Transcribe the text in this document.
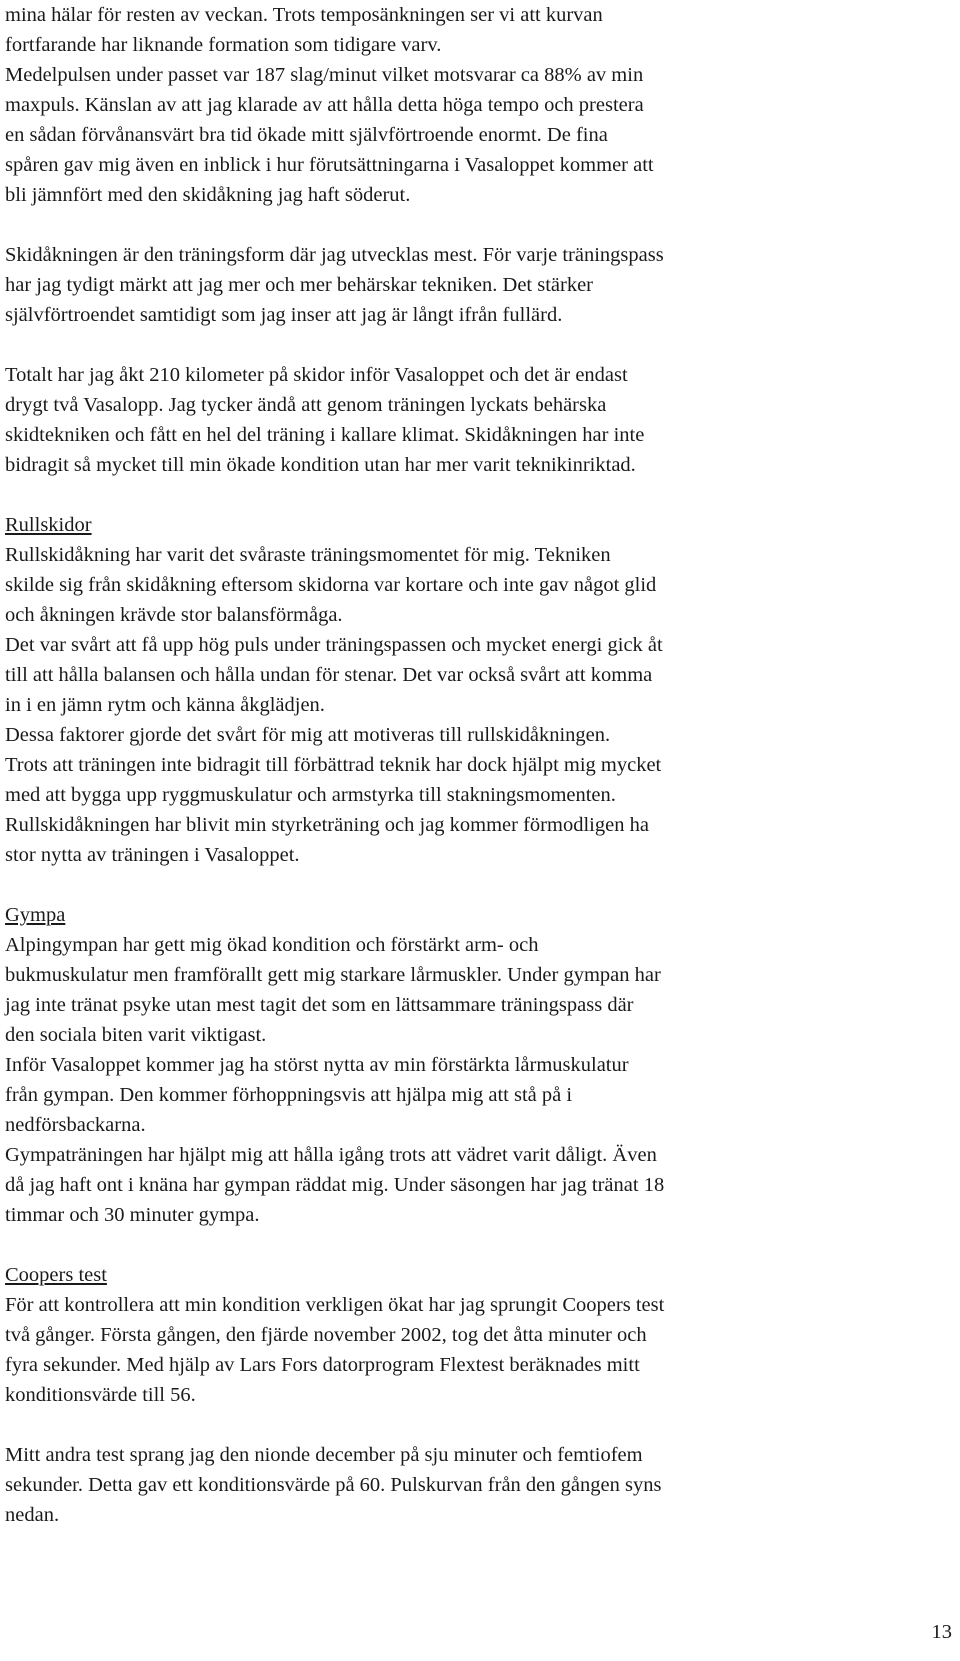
mina hälar för resten av veckan. Trots temposänkningen ser vi att kurvan
fortfarande har liknande formation som tidigare varv.
Medelpulsen under passet var 187 slag/minut vilket motsvarar ca 88% av min
maxpuls. Känslan av att jag klarade av att hålla detta höga tempo och prestera
en sådan förvånansvärt bra tid ökade mitt självförtroende enormt. De fina
spåren gav mig även en inblick i hur förutsättningarna i Vasaloppet kommer att
bli jämnfört med den skidåkning jag haft söderut.
Skidåkningen är den träningsform där jag utvecklas mest. För varje träningspass
har jag tydigt märkt att jag mer och mer behärskar tekniken. Det stärker
självförtroendet samtidigt som jag inser att jag är långt ifrån fullärd.
Totalt har jag åkt 210 kilometer på skidor inför Vasaloppet och det är endast
drygt två Vasalopp. Jag tycker ändå att genom träningen lyckats behärska
skidtekniken och fått en hel del träning i kallare klimat. Skidåkningen har inte
bidragit så mycket till min ökade kondition utan har mer varit teknikinriktad.
Rullskidor
Rullskidåkning har varit det svåraste träningsmomentet för mig. Tekniken
skilde sig från skidåkning eftersom skidorna var kortare och inte gav något glid
och åkningen krävde stor balansförmåga.
Det var svårt att få upp hög puls under träningspassen och mycket energi gick åt
till att hålla balansen och hålla undan för stenar. Det var också svårt att komma
in i en jämn rytm och känna åkglädjen.
Dessa faktorer gjorde det svårt för mig att motiveras till rullskidåkningen.
Trots att träningen inte bidragit till förbättrad teknik har dock hjälpt mig mycket
med att bygga upp ryggmuskulatur och armstyrka till stakningsmomenten.
Rullskidåkningen har blivit min styrketräning och jag kommer förmodligen ha
stor nytta av träningen i Vasaloppet.
Gympa
Alpingympan har gett mig ökad kondition och förstärkt arm- och
bukmuskulatur men framförallt gett mig starkare lårmuskler. Under gympan har
jag inte tränat psyke utan mest tagit det som en lättsammare träningspass där
den sociala biten varit viktigast.
Inför Vasaloppet kommer jag ha störst nytta av min förstärkta lårmuskulatur
från gympan. Den kommer förhoppningsvis att hjälpa mig att stå på i
nedförsbackarna.
Gympaträningen har hjälpt mig att hålla igång trots att vädret varit dåligt. Även
då jag haft ont i knäna har gympan räddat mig. Under säsongen har jag tränat 18
timmar och 30 minuter gympa.
Coopers test
För att kontrollera att min kondition verkligen ökat har jag sprungit Coopers test
två gånger. Första gången, den fjärde november 2002, tog det åtta minuter och
fyra sekunder. Med hjälp av Lars Fors datorprogram Flextest beräknades mitt
konditionsvärde till 56.
Mitt andra test sprang jag den nionde december på sju minuter och femtiofem
sekunder. Detta gav ett konditionsvärde på 60. Pulskurvan från den gången syns
nedan.
13
